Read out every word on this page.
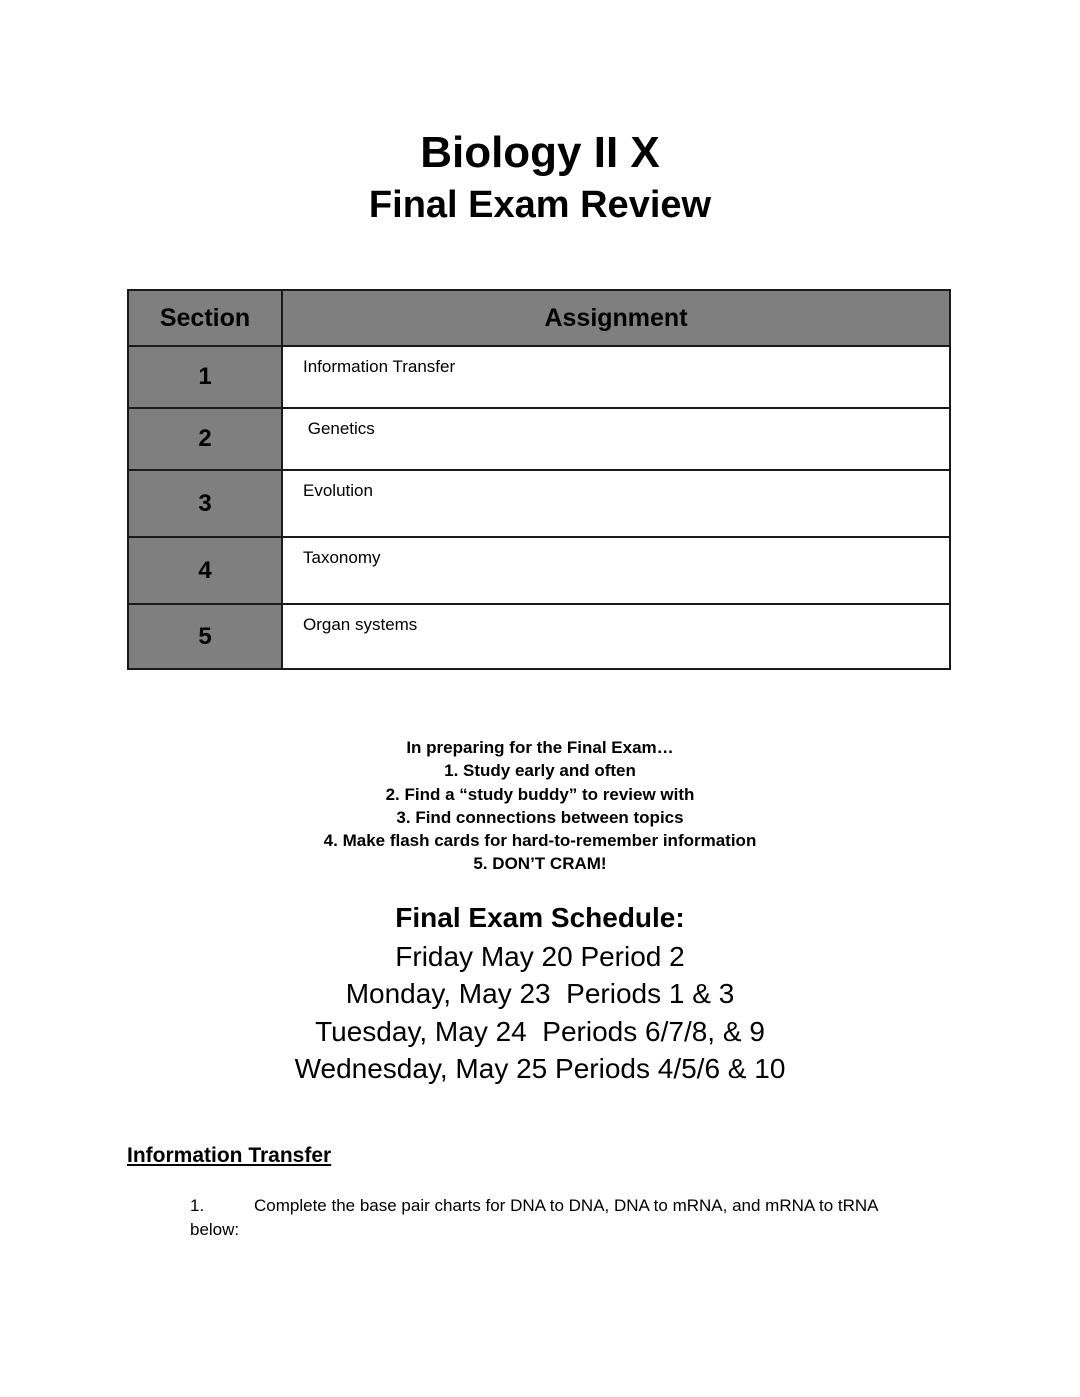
Biology II X
Final Exam Review
Section	Assignment
1	Information Transfer
2	Genetics
3	Evolution
4	Taxonomy
5	Organ systems
In preparing for the Final Exam…
1. Study early and often
2. Find a “study buddy” to review with
3. Find connections between topics
4. Make flash cards for hard-to-remember information
5. DON’T CRAM!
Final Exam Schedule:
Friday May 20 Period 2
Monday, May 23  Periods 1 & 3
Tuesday, May 24  Periods 6/7/8, & 9
Wednesday, May 25 Periods 4/5/6 & 10
Information Transfer
1.	Complete the base pair charts for DNA to DNA, DNA to mRNA, and mRNA to tRNA below:
